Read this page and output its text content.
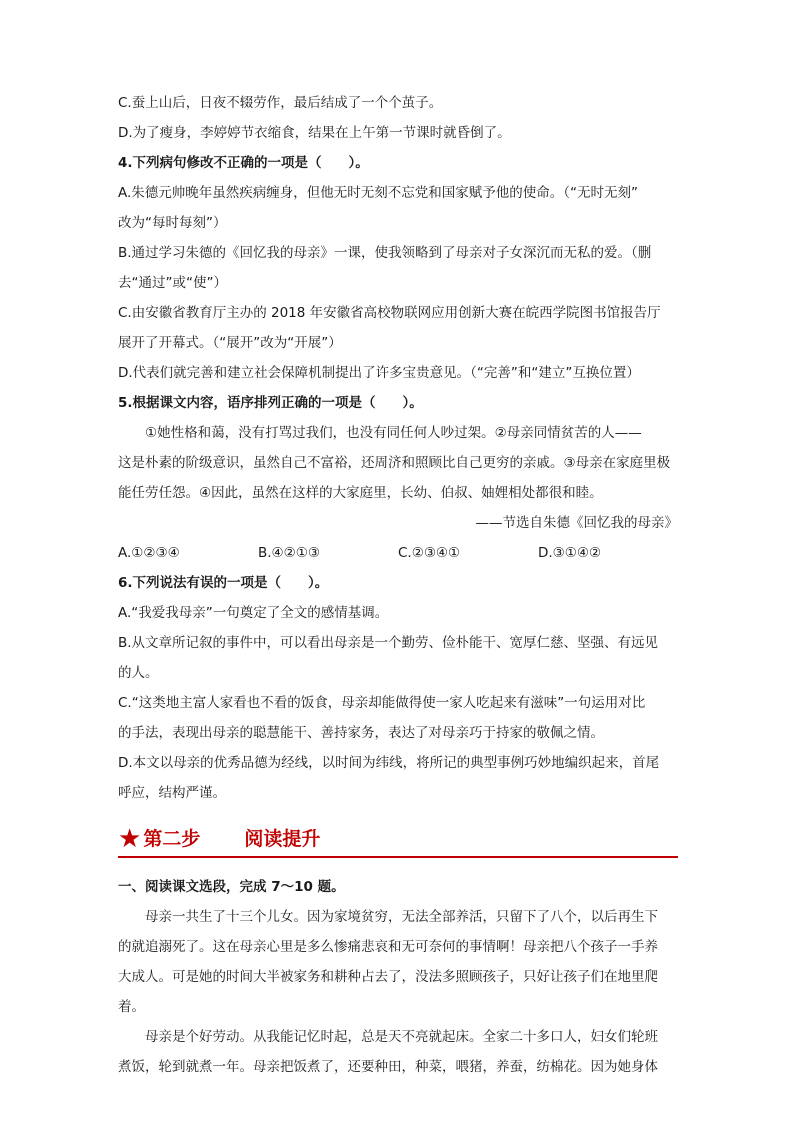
C.蚕上山后，日夜不辍劳作，最后结成了一个个茧子。

D.为了瘦身，李婷婷节衣缩食，结果在上午第一节课时就昏倒了。

4.下列病句修改不正确的一项是（　　）。

A.朱德元帅晚年虽然疾病缠身，但他无时无刻不忘党和国家赋予他的使命。（“无时无刻”

改为“每时每刻”）

B.通过学习朱德的《回忆我的母亲》一课，使我领略到了母亲对子女深沉而无私的爱。（删

去“通过”或“使”）

C.由安徽省教育厅主办的 2018 年安徽省高校物联网应用创新大赛在皖西学院图书馆报告厅

展开了开幕式。（“展开”改为“开展”）

D.代表们就完善和建立社会保障机制提出了许多宝贵意见。（“完善”和“建立”互换位置）

5.根据课文内容，语序排列正确的一项是（　　）。

①她性格和蔼，没有打骂过我们，也没有同任何人吵过架。②母亲同情贫苦的人——

这是朴素的阶级意识，虽然自己不富裕，还周济和照顾比自己更穷的亲戚。③母亲在家庭里极

能任劳任怨。④因此，虽然在这样的大家庭里，长幼、伯叔、妯娌相处都很和睦。

——节选自朱德《回忆我的母亲》

A.①②③④	B.④②①③	C.②③④①	D.③①④②

6.下列说法有误的一项是（　　）。

A.“我爱我母亲”一句奠定了全文的感情基调。

B.从文章所记叙的事件中，可以看出母亲是一个勤劳、俭朴能干、宽厚仁慈、坚强、有远见

的人。

C.“这类地主富人家看也不看的饭食，母亲却能做得使一家人吃起来有滋味”一句运用对比

的手法，表现出母亲的聪慧能干、善持家务，表达了对母亲巧于持家的敬佩之情。

D.本文以母亲的优秀品德为经线，以时间为纬线，将所记的典型事例巧妙地编织起来，首尾

呼应，结构严谨。

★ 第二步 阅读提升

一、阅读课文选段，完成 7～10 题。

母亲一共生了十三个儿女。因为家境贫穷，无法全部养活，只留下了八个，以后再生下

的就追溺死了。这在母亲心里是多么惨痛悲哀和无可奈何的事情啊！母亲把八个孩子一手养

大成人。可是她的时间大半被家务和耕种占去了，没法多照顾孩子，只好让孩子们在地里爬

着。

母亲是个好劳动。从我能记忆时起，总是天不亮就起床。全家二十多口人，妇女们轮班

煮饭，轮到就煮一年。母亲把饭煮了，还要种田，种菜，喂猪，养蚕，纺棉花。因为她身体
